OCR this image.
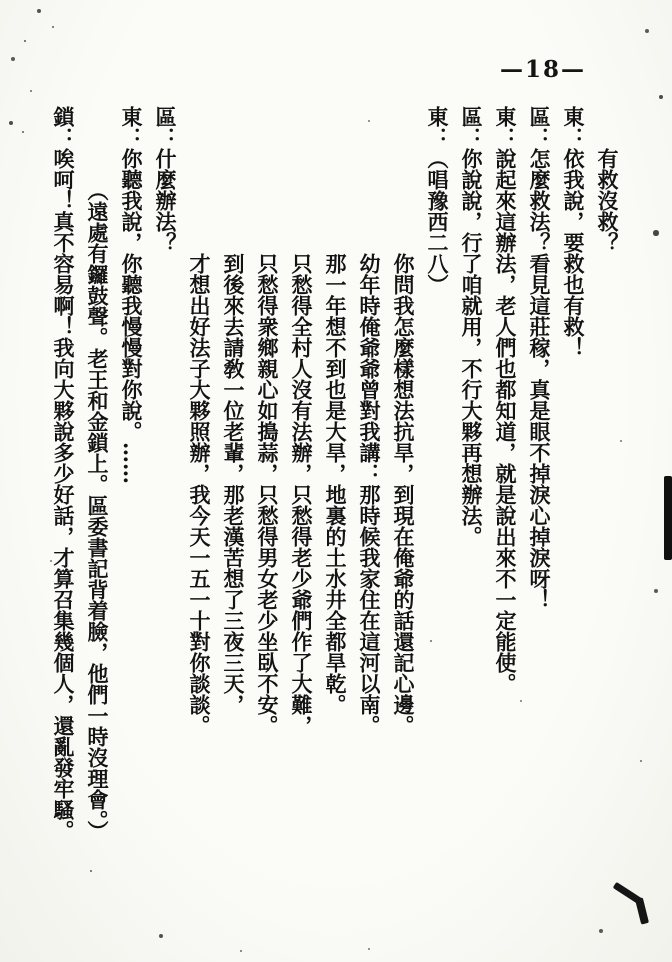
—18—

有救沒救？

東：依我說，要救也有救！

區：怎麼救法？看見這莊稼，真是眼不掉淚心掉淚呀！

東：說起來這辦法，老人們也都知道，就是說出來不一定能使。

區：你說說，行了咱就用，不行大夥再想辦法。

東：（唱豫西二八）

你問我怎麼樣想法抗旱，到現在俺爺的話還記心邊。

幼年時俺爺爺曾對我講：那時候我家住在這河以南。

那一年想不到也是大旱，地裏的土水井全都旱乾。

只愁得全村人沒有法辦，只愁得老少爺們作了大難，

只愁得衆鄉親心如搗蒜，只愁得男女老少坐臥不安。

到後來去請敎一位老輩，那老漢苦想了三夜三天，

才想出好法子大夥照辦，我今天一五一十對你談談。

區：什麼辦法？

東：你聽我說，你聽我慢慢對你說。……

（遠處有鑼鼓聲。老王和金鎖上。區委書記背着臉，他們一時沒理會。）

鎖：唉呵！真不容易啊！我向大夥說多少好話，才算召集幾個人，還亂發牢騷。
